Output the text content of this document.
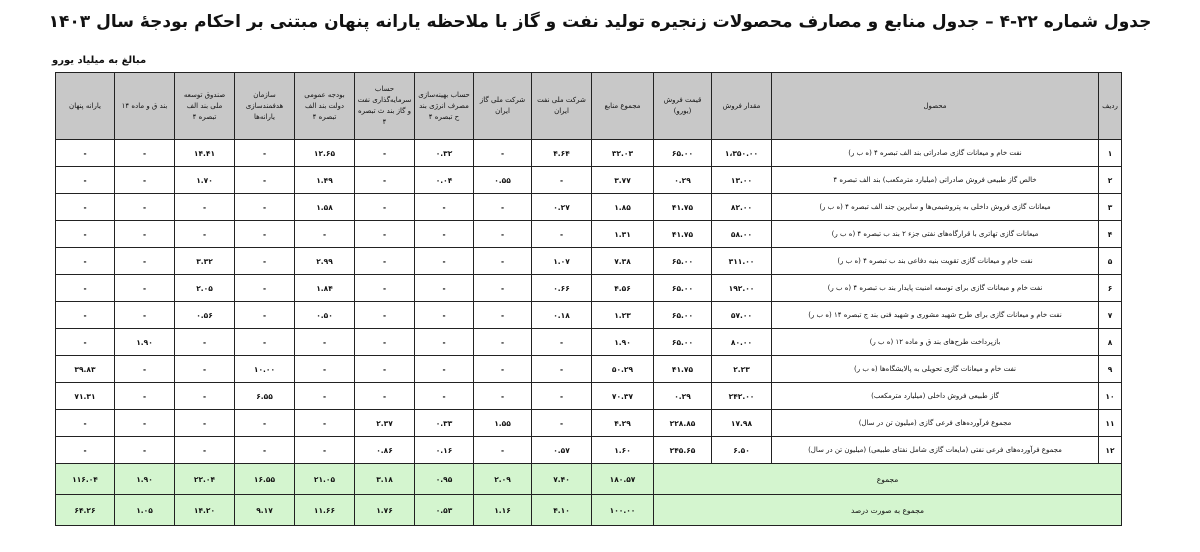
جدول شماره ۲۲-۴ – جدول منابع و مصارف محصولات زنجیره تولید نفت و گاز با ملاحظه یارانه پنهان مبتنی بر احکام بودجهٔ سال ۱۴۰۳
مبالغ به میلیاد یورو
ردیف	محصول	مقدار فروش	قیمت فروش (یورو)	مجموع منابع	شرکت ملی نفت ایران	شرکت ملی گاز ایران	حساب بهینه‌سازی مصرف انرژی بند ح تبصره ۴	حساب سرمایه‌گذاری نفت و گاز بند ث تبصره ۴	بودجه عمومی دولت بند الف تبصره ۴	سازمان هدفمندسازی یارانه‌ها	صندوق توسعه ملی بند الف تبصره ۴	بند ق و ماده ۱۴	یارانه پنهان
۱	نفت خام و میعانات گازی صادراتی بند الف تبصره ۴ (ه ب ر)	۱،۳۵۰.۰۰	۶۵.۰۰	۳۲.۰۳	۴.۶۴	-	۰.۳۲	-	۱۲.۶۵	-	۱۴.۴۱	-	-
۲	خالص گاز طبیعی فروش صادراتی (میلیارد مترمکعب) بند الف تبصره ۴	۱۳.۰۰	۰.۲۹	۳.۷۷	-	۰.۵۵	۰.۰۴	-	۱.۴۹	-	۱.۷۰	-	-
۳	میعانات گازی فروش داخلی به پتروشیمی‌ها و سایرین جند الف تبصره ۴ (ه ب ر)	۸۲.۰۰	۴۱.۷۵	۱.۸۵	۰.۲۷	-	-	-	۱.۵۸	-	-	-	-
۴	میعانات گازی تهاتری با قرارگاه‌های نفتی جزء ۲ بند ب تبصره ۴ (ه ب ر)	۵۸.۰۰	۴۱.۷۵	۱.۳۱	-	-	-	-	-	-	-	-	-
۵	نفت خام و میعانات گازی تقویت بنیه دفاعی بند ب تبصره ۴ (ه ب ر)	۳۱۱.۰۰	۶۵.۰۰	۷.۳۸	۱.۰۷	-	-	-	۲.۹۹	-	۳.۳۲	-	-
۶	نفت خام و میعانات گازی برای توسعه امنیت پایدار بند ب تبصره ۴ (ه ب ر)	۱۹۲.۰۰	۶۵.۰۰	۴.۵۶	۰.۶۶	-	-	-	۱.۸۴	-	۲.۰۵	-	-
۷	نفت خام و میعانات گازی برای طرح شهید مشوری و شهید فنی بند ج تبصره ۱۴ (ه ب ر)	۵۷.۰۰	۶۵.۰۰	۱.۲۳	۰.۱۸	-	-	-	۰.۵۰	-	۰.۵۶	-	-
۸	بازپرداخت طرح‌های بند ق و ماده ۱۲ (ه ب ر)	۸۰.۰۰	۶۵.۰۰	۱.۹۰	-	-	-	-	-	-	-	۱.۹۰	-
۹	نفت خام و میعانات گازی تحویلی به پالایشگاه‌ها (ه ب ر)	۲.۲۳	۴۱.۷۵	۵۰.۲۹	-	-	-	-	-	۱۰.۰۰	-	-	۳۹.۸۳
۱۰	گاز طبیعی فروش داخلی (میلیارد مترمکعب)	۲۴۲.۰۰	۰.۲۹	۷۰.۳۷	-	-	-	-	-	۶.۵۵	-	-	۷۱.۳۱
۱۱	مجموع فرآورده‌های فرعی گازی (میلیون تن در سال)	۱۷.۹۸	۲۲۸.۸۵	۴.۲۹	-	۱.۵۵	۰.۳۳	۲.۳۷	-	-	-	-	-
۱۲	مجموع فرآورده‌های فرعی نفتی (مایعات گازی شامل نفتای طبیعی) (میلیون تن در سال)	۶.۵۰	۲۴۵.۶۵	۱.۶۰	۰.۵۷	-	۰.۱۶	۰.۸۶	-	-	-	-	-
مجموع				۱۸۰.۵۷	۷.۴۰	۲.۰۹	۰.۹۵	۳.۱۸	۲۱.۰۵	۱۶.۵۵	۲۲.۰۴	۱.۹۰	۱۱۶.۰۴
مجموع به صورت درصد				۱۰۰.۰۰	۴.۱۰	۱.۱۶	۰.۵۳	۱.۷۶	۱۱.۶۶	۹.۱۷	۱۴.۲۰	۱.۰۵	۶۴.۲۶
